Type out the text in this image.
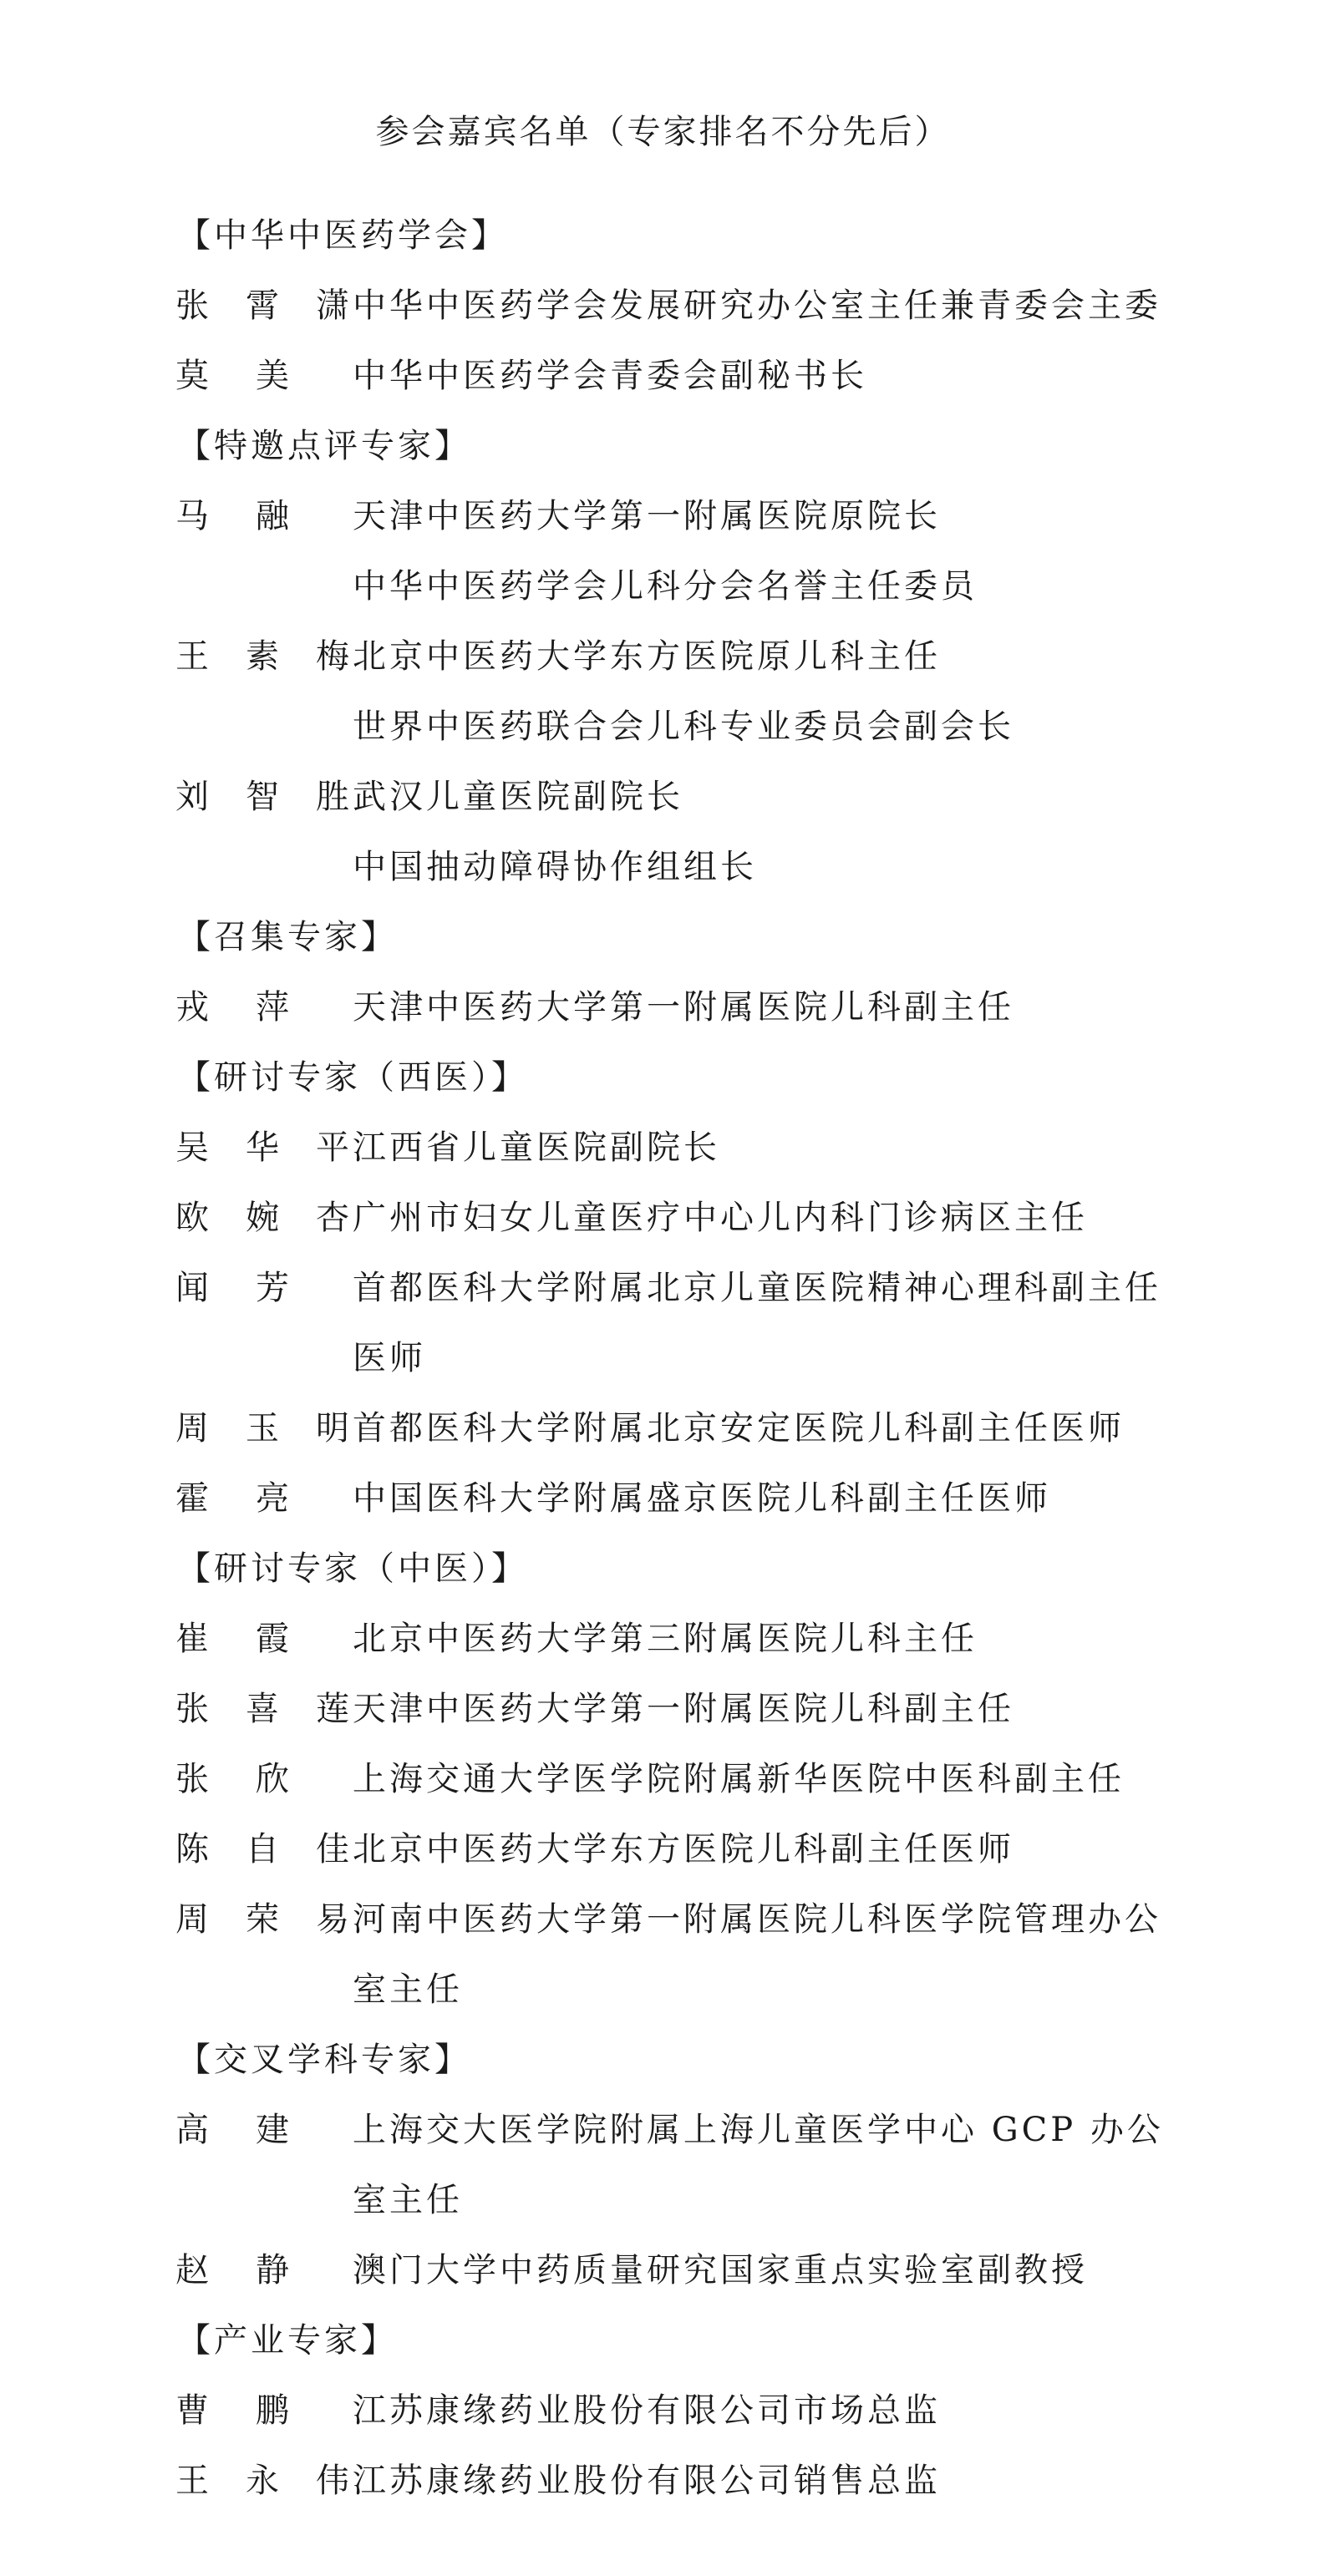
参会嘉宾名单（专家排名不分先后）
【中华中医药学会】
张霄潇 中华中医药学会发展研究办公室主任兼青委会主委
莫 美 中华中医药学会青委会副秘书长
【特邀点评专家】
马 融 天津中医药大学第一附属医院原院长
中华中医药学会儿科分会名誉主任委员
王素梅 北京中医药大学东方医院原儿科主任
世界中医药联合会儿科专业委员会副会长
刘智胜 武汉儿童医院副院长
中国抽动障碍协作组组长
【召集专家】
戎 萍 天津中医药大学第一附属医院儿科副主任
【研讨专家（西医）】
吴华平 江西省儿童医院副院长
欧婉杏 广州市妇女儿童医疗中心儿内科门诊病区主任
闻 芳 首都医科大学附属北京儿童医院精神心理科副主任医师
周玉明 首都医科大学附属北京安定医院儿科副主任医师
霍 亮 中国医科大学附属盛京医院儿科副主任医师
【研讨专家（中医）】
崔 霞 北京中医药大学第三附属医院儿科主任
张喜莲 天津中医药大学第一附属医院儿科副主任
张 欣 上海交通大学医学院附属新华医院中医科副主任
陈自佳 北京中医药大学东方医院儿科副主任医师
周荣易 河南中医药大学第一附属医院儿科医学院管理办公室主任
【交叉学科专家】
高 建 上海交大医学院附属上海儿童医学中心 GCP 办公室主任
赵 静 澳门大学中药质量研究国家重点实验室副教授
【产业专家】
曹 鹏 江苏康缘药业股份有限公司市场总监
王永伟 江苏康缘药业股份有限公司销售总监
